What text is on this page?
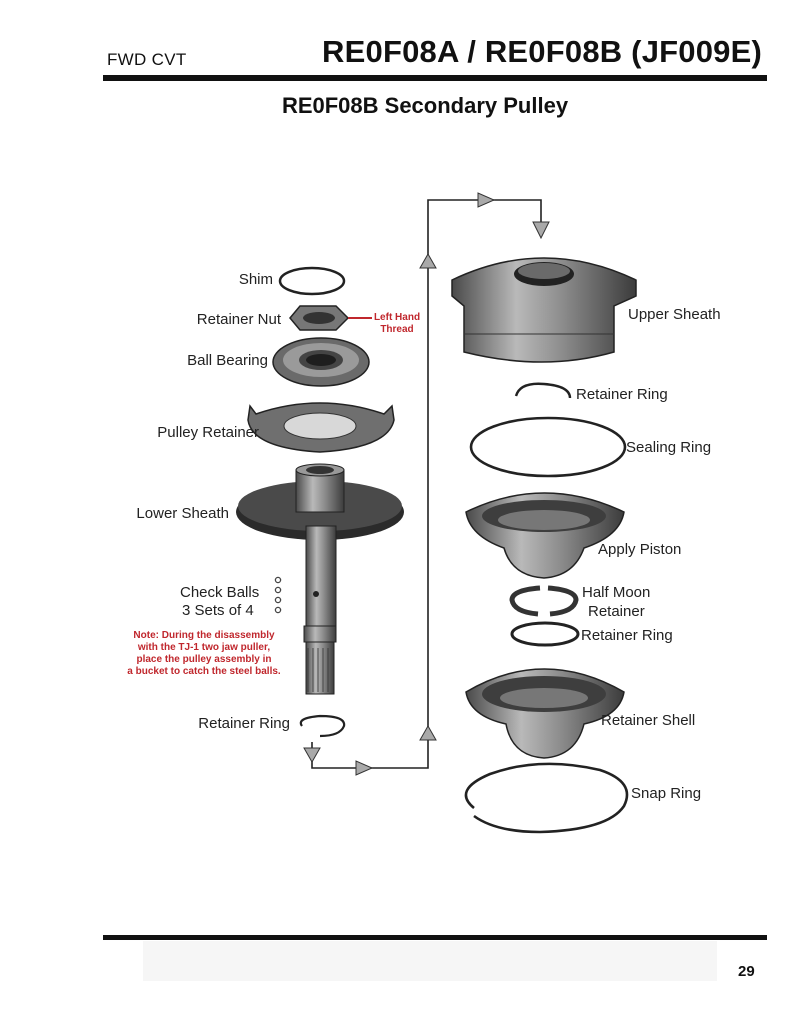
FWD CVT	RE0F08A / RE0F08B (JF009E)
RE0F08B Secondary Pulley
Shim
Retainer Nut
Ball Bearing
Pulley Retainer
Lower Sheath
Check Balls
3 Sets of 4
Retainer Ring
Left Hand
Thread
Note: During the disassembly
with the TJ-1 two jaw puller,
place the pulley assembly in
a bucket to catch the steel balls.
Upper Sheath
Retainer Ring
Sealing Ring
Apply Piston
Half Moon
Retainer
Retainer Ring
Retainer Shell
Snap Ring
29
